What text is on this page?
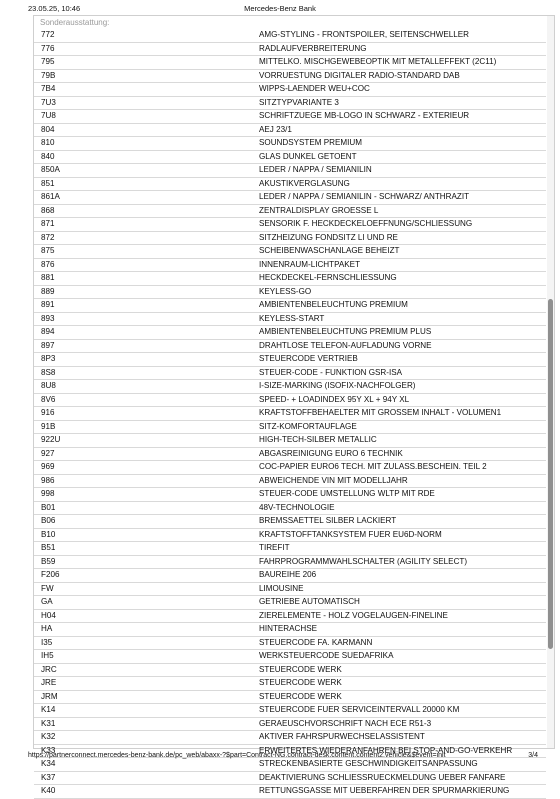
23.05.25, 10:46	Mercedes-Benz Bank
Sonderausstattung:
772	AMG-STYLING - FRONTSPOILER, SEITENSCHWELLER
776	RADLAUFVERBREITERUNG
795	MITTELKO. MISCHGEWEBEOPTIK MIT METALLEFFEKT (2C11)
79B	VORRUESTUNG DIGITALER RADIO-STANDARD DAB
7B4	WIPPS-LAENDER WEU+COC
7U3	SITZTYPVARIANTE 3
7U8	SCHRIFTZUEGE MB-LOGO IN SCHWARZ - EXTERIEUR
804	AEJ 23/1
810	SOUNDSYSTEM PREMIUM
840	GLAS DUNKEL GETOENT
850A	LEDER / NAPPA / SEMIANILIN
851	AKUSTIKVERGLASUNG
861A	LEDER / NAPPA / SEMIANILIN - SCHWARZ/ ANTHRAZIT
868	ZENTRALDISPLAY GROESSE L
871	SENSORIK F. HECKDECKELOEFFNUNG/SCHLIESSUNG
872	SITZHEIZUNG FONDSITZ LI UND RE
875	SCHEIBENWASCHANLAGE BEHEIZT
876	INNENRAUM-LICHTPAKET
881	HECKDECKEL-FERNSCHLIESSUNG
889	KEYLESS-GO
891	AMBIENTENBELEUCHTUNG PREMIUM
893	KEYLESS-START
894	AMBIENTENBELEUCHTUNG PREMIUM PLUS
897	DRAHTLOSE TELEFON-AUFLADUNG VORNE
8P3	STEUERCODE VERTRIEB
8S8	STEUER-CODE - FUNKTION GSR-ISA
8U8	I-SIZE-MARKING (ISOFIX-NACHFOLGER)
8V6	SPEED- + LOADINDEX 95Y XL + 94Y XL
916	KRAFTSTOFFBEHAELTER MIT GROSSEM INHALT - VOLUMEN1
91B	SITZ-KOMFORTAUFLAGE
922U	HIGH-TECH-SILBER METALLIC
927	ABGASREINIGUNG EURO 6 TECHNIK
969	COC-PAPIER EURO6 TECH. MIT ZULASS.BESCHEIN. TEIL 2
986	ABWEICHENDE VIN MIT MODELLJAHR
998	STEUER-CODE UMSTELLUNG WLTP MIT RDE
B01	48V-TECHNOLOGIE
B06	BREMSSAETTEL SILBER LACKIERT
B10	KRAFTSTOFFTANKSYSTEM FUER EU6D-NORM
B51	TIREFIT
B59	FAHRPROGRAMMWAHLSCHALTER (AGILITY SELECT)
F206	BAUREIHE 206
FW	LIMOUSINE
GA	GETRIEBE AUTOMATISCH
H04	ZIERELEMENTE - HOLZ VOGELAUGEN-FINELINE
HA	HINTERACHSE
I35	STEUERCODE FA. KARMANN
IH5	WERKSTEUERCODE SUEDAFRIKA
JRC	STEUERCODE WERK
JRE	STEUERCODE WERK
JRM	STEUERCODE WERK
K14	STEUERCODE FUER SERVICEINTERVALL 20000 KM
K31	GERAEUSCHVORSCHRIFT NACH ECE R51-3
K32	AKTIVER FAHRSPURWECHSELASSISTENT
K33	ERWEITERTES WIEDERANFAHREN BEI STOP-AND-GO-VERKEHR
K34	STRECKENBASIERTE GESCHWINDIGKEITSANPASSUNG
K37	DEAKTIVIERUNG SCHLIESSRUECKMELDUNG UEBER FANFARE
K40	RETTUNGSGASSE MIT UEBERFAHREN DER SPURMARKIERUNG
https://partnerconnect.mercedes-benz-bank.de/pc_web/abaxx-?$part=Contract-NG.contract-desk.content.content2.vehicle&$event=init	3/4
